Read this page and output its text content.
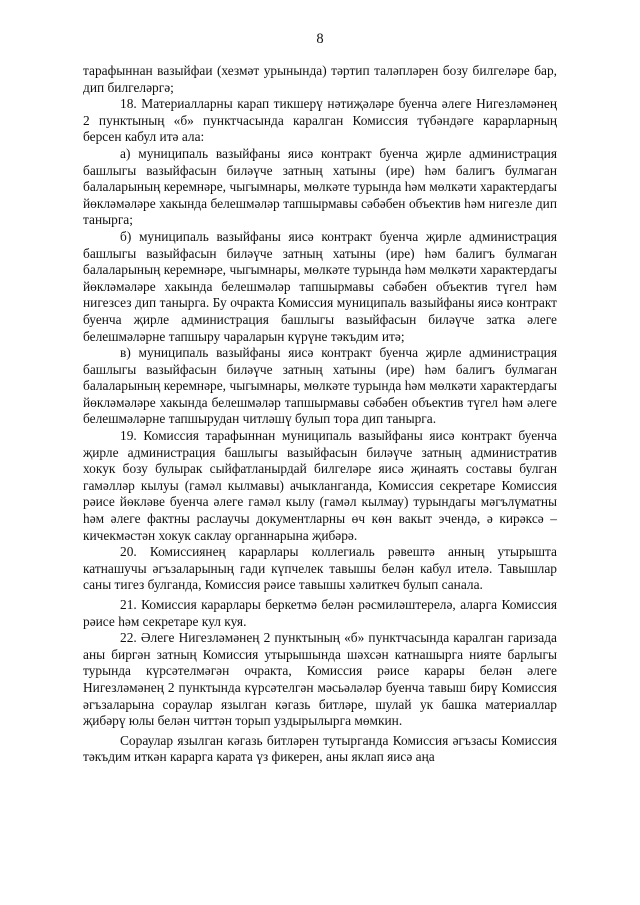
8

тарафыннан вазыйфаи (хезмәт урынында) тәртип таләпләрен бозу билгеләре бар, дип билгеләргә;

18. Материалларны карап тикшерү нәтиҗәләре буенча әлеге Нигезләмәнең 2 пунктының «б» пунктчасында каралган Комиссия түбәндәге карарларның берсен кабул итә ала:

а) муниципаль вазыйфаны яисә контракт буенча җирле администрация башлыгы вазыйфасын биләүче затның хатыны (ире) һәм балигъ булмаган балаларының керемнәре, чыгымнары, мөлкәте турында һәм мөлкәти характердагы йөкләмәләре хакында белешмәләр тапшырмавы сәбәбен объектив һәм нигезле дип танырга;

б) муниципаль вазыйфаны яисә контракт буенча җирле администрация башлыгы вазыйфасын биләүче затның хатыны (ире) һәм балигъ булмаган балаларының керемнәре, чыгымнары, мөлкәте турында һәм мөлкәти характердагы йөкләмәләре хакында белешмәләр тапшырмавы сәбәбен объектив түгел һәм нигезсез дип танырга. Бу очракта Комиссия муниципаль вазыйфаны яисә контракт буенча җирле администрация башлыгы вазыйфасын биләүче затка әлеге белешмәләрне тапшыру чараларын күрүне тәкъдим итә;

в) муниципаль вазыйфаны яисә контракт буенча җирле администрация башлыгы вазыйфасын биләүче затның хатыны (ире) һәм балигъ булмаган балаларының керемнәре, чыгымнары, мөлкәте турында һәм мөлкәти характердагы йөкләмәләре хакында белешмәләр тапшырмавы сәбәбен объектив түгел һәм әлеге белешмәләрне тапшырудан читләшү булып тора дип танырга.

19. Комиссия тарафыннан муниципаль вазыйфаны яисә контракт буенча җирле администрация башлыгы вазыйфасын биләүче затның административ хокук бозу булырак сыйфатланырдай билгеләре яисә җинаять составы булган гамәлләр кылуы (гамәл кылмавы) ачыкланганда, Комиссия секретаре Комиссия рәисе йөкләве буенча әлеге гамәл кылу (гамәл кылмау) турындагы мәгълүматны һәм әлеге фактны раслаучы документларны өч көн вакыт эчендә, ә кирәксә – кичекмәстән хокук саклау органнарына җибәрә.

20. Комиссиянең карарлары коллегиаль рәвештә анның утырышта катнашучы әгъзаларының гади күпчелек тавышы белән кабул ителә. Тавышлар саны тигез булганда, Комиссия рәисе тавышы хәлиткеч булып санала.

21. Комиссия карарлары беркетмә белән рәсмиләштерелә, аларга Комиссия рәисе һәм секретаре кул куя.

22. Әлеге Нигезләмәнең 2 пунктының «б» пунктчасында каралган гаризада аны биргән затның Комиссия утырышында шәхсән катнашыргa нияте барлыгы турында күрсәтелмәгән очракта, Комиссия рәисе карары белән әлеге Нигезләмәнең 2 пунктында күрсәтелгән мәсьәләләр буенча тавыш бирү Комиссия әгъзаларына сораулар язылган кәгазь битләре, шулай ук башка материаллар җибәрү юлы белән читтән торып уздырылырга мөмкин.

Сораулар язылган кәгазь битләрен тутыргaнда Комиссия әгъзасы Комиссия тәкъдим иткән карарга карата үз фикерен, аны яклап яисә аңа
